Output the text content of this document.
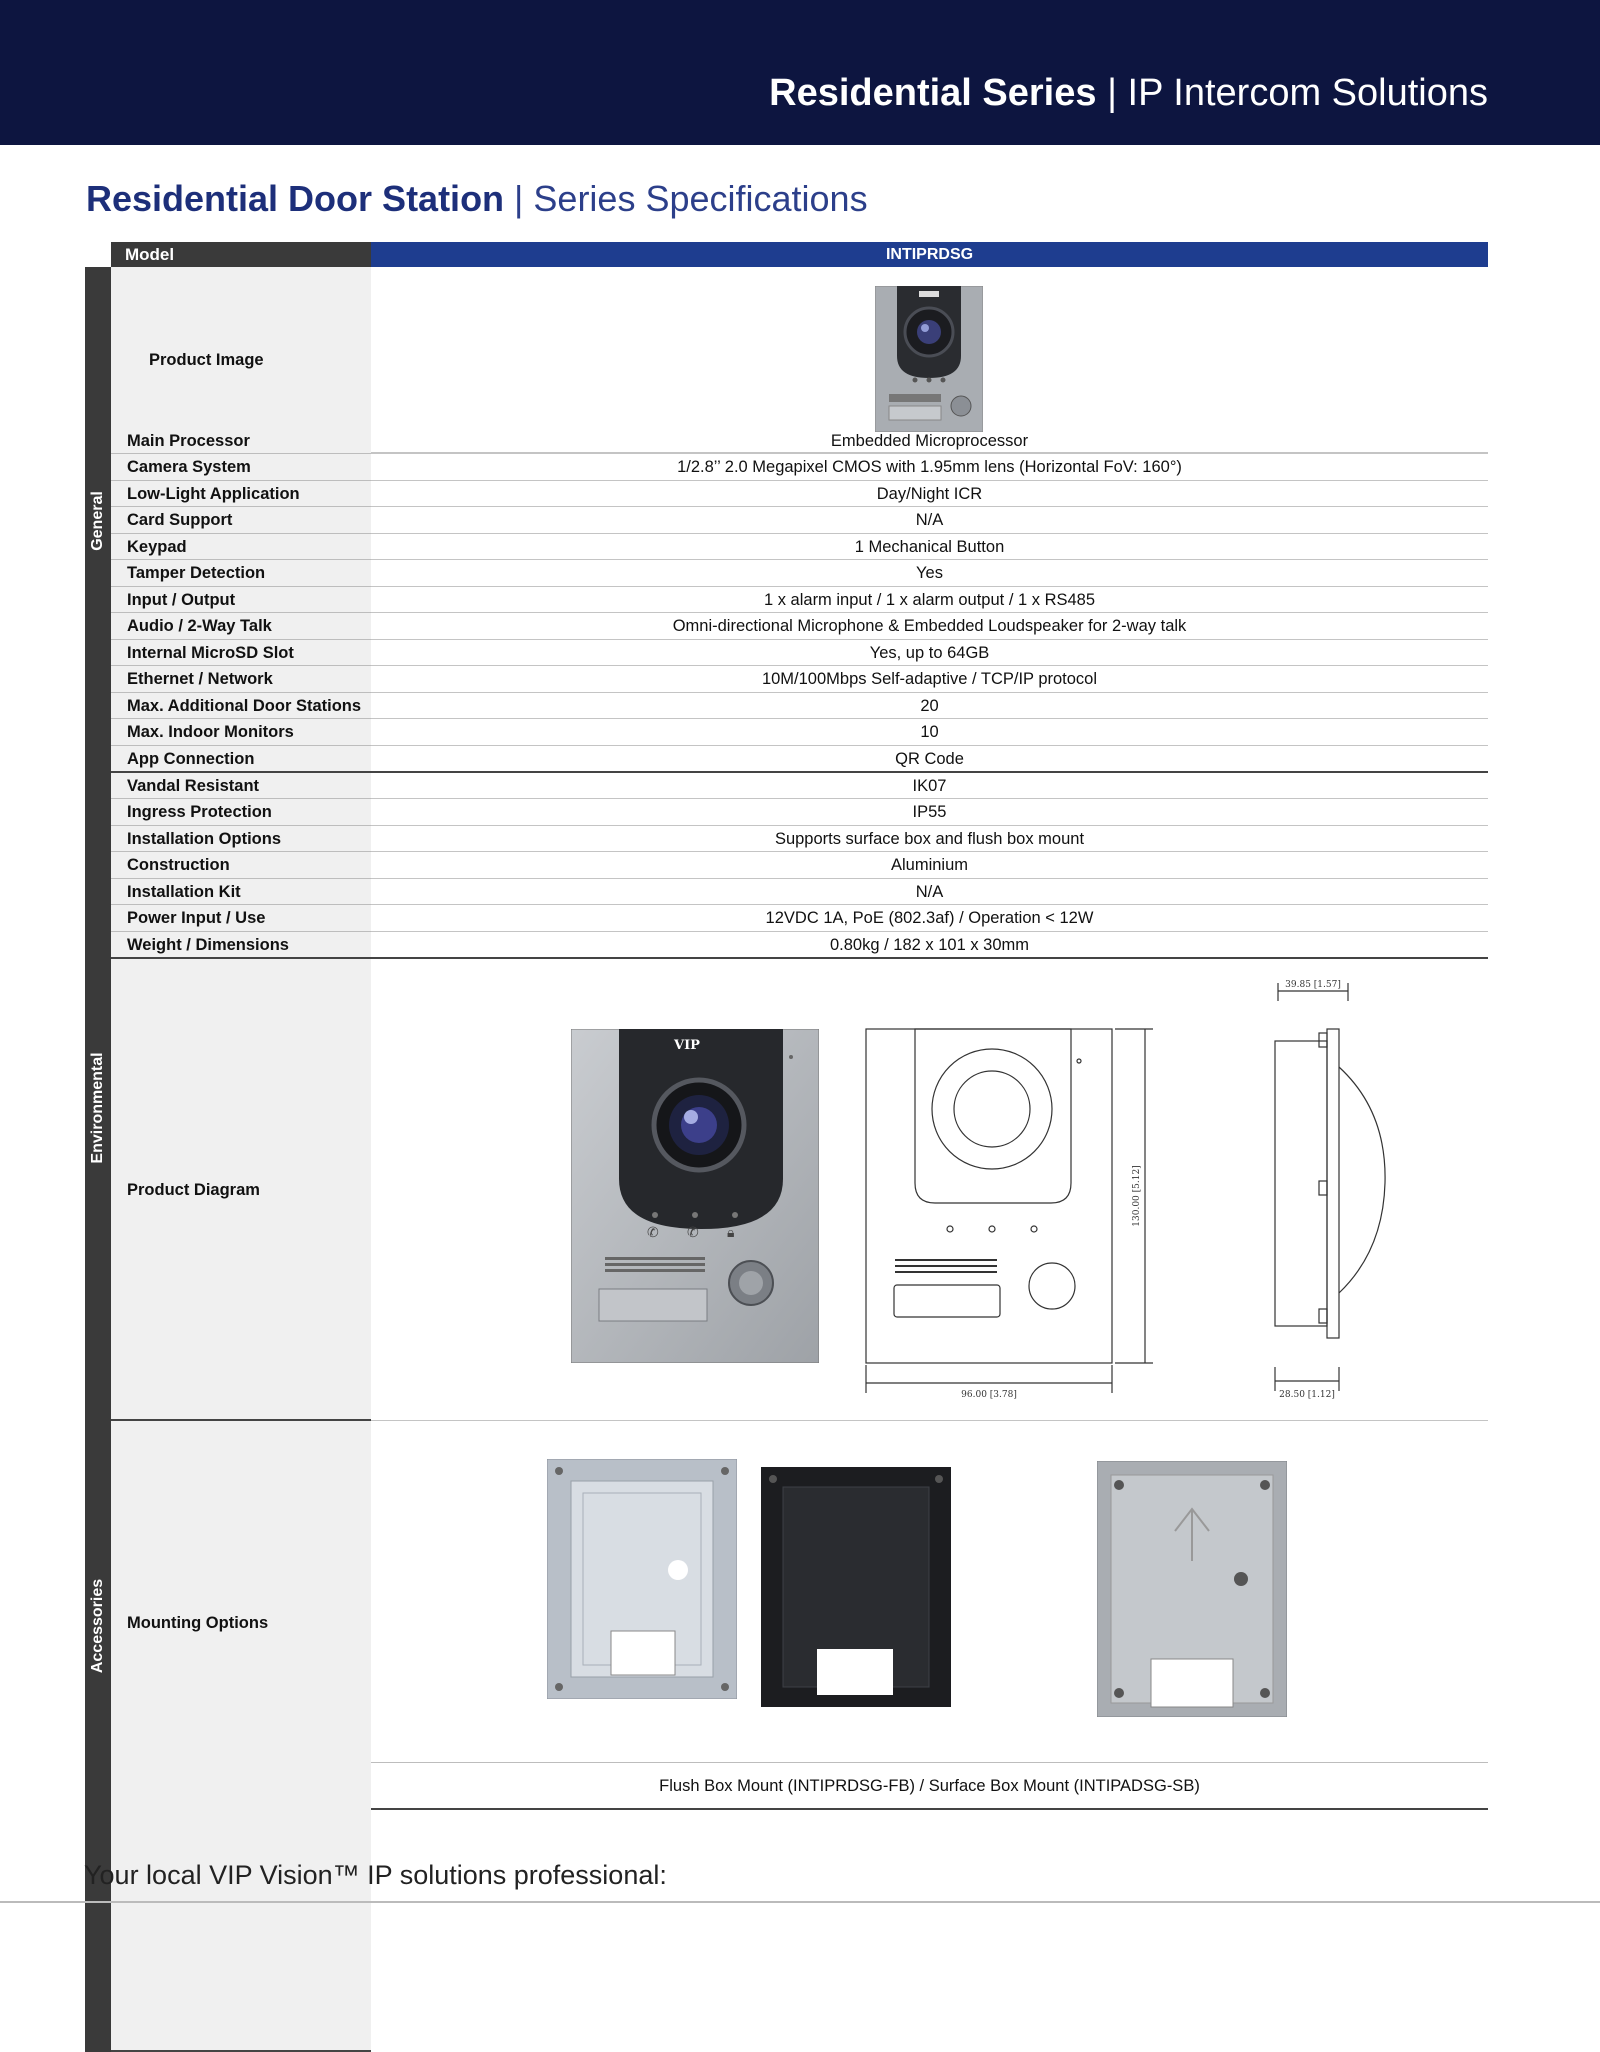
Residential Series | IP Intercom Solutions
Residential Door Station | Series Specifications
Model	INTIPRDSG
General
Environmental
Accessories
Product Image
Main Processor	Embedded Microprocessor
Camera System	1/2.8’’ 2.0 Megapixel CMOS with 1.95mm lens (Horizontal FoV: 160°)
Low-Light Application	Day/Night ICR
Card Support	N/A
Keypad	1 Mechanical Button
Tamper Detection	Yes
Input / Output	1 x alarm input / 1 x alarm output / 1 x RS485
Audio / 2-Way Talk	Omni-directional Microphone & Embedded Loudspeaker for 2-way talk
Internal MicroSD Slot	Yes, up to 64GB
Ethernet / Network	10M/100Mbps Self-adaptive / TCP/IP protocol
Max. Additional Door Stations	20
Max. Indoor Monitors	10
App Connection	QR Code
Vandal Resistant	IK07
Ingress Protection	IP55
Installation Options	Supports surface box and flush box mount
Construction	Aluminium
Installation Kit	N/A
Power Input / Use	12VDC 1A, PoE (802.3af) / Operation < 12W
Weight / Dimensions	0.80kg / 182 x 101 x 30mm
Product Diagram
VIP
✆ ✆ 🔒︎
96.00 [3.78]
130.00 [5.12]
39.85 [1.57]
28.50 [1.12]
Mounting Options
Flush Box Mount (INTIPRDSG-FB) / Surface Box Mount (INTIPADSG-SB)
Your local VIP Vision™ IP solutions professional:
